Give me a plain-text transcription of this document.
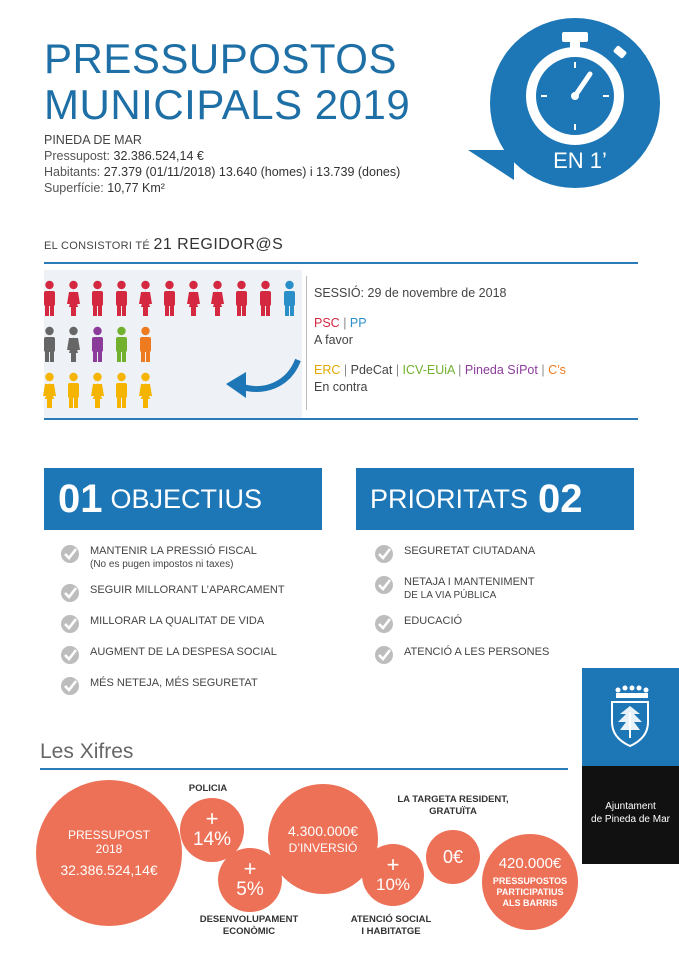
PRESSUPOSTOS
MUNICIPALS 2019
PINEDA DE MAR
Pressupost: 32.386.524,14 €
Habitants: 27.379 (01/11/2018) 13.640 (homes) i 13.739 (dones)
Superfície: 10,77 Km²
EN 1’
EL CONSISTORI TÉ 21 REGIDOR@S
SESSIÓ: 29 de novembre de 2018
PSC | PP
A favor
ERC | PdeCat | ICV-EUiA | Pineda SíPot | C’s
En contra
01 OBJECTIUS	PRIORITATS 02
MANTENIR LA PRESSIÓ FISCAL
(No es pugen impostos ni taxes)
SEGUIR MILLORANT L’APARCAMENT
MILLORAR LA QUALITAT DE VIDA
AUGMENT DE LA DESPESA SOCIAL
MÉS NETEJA, MÉS SEGURETAT
SEGURETAT CIUTADANA
NETAJA I MANTENIMENT
DE LA VIA PÚBLICA
EDUCACIÓ
ATENCIÓ A LES PERSONES
Ajuntament
de Pineda de Mar
Les Xifres
PRESSUPOST
2018
32.386.524,14€
POLICIA
+
14%
+
5%
DESENVOLUPAMENT
ECONÒMIC
4.300.000€
D’INVERSIÓ
+
10%
ATENCIÓ SOCIAL
I HABITATGE
LA TARGETA RESIDENT,
GRATUÏTA
0€ 420.000€
PRESSUPOSTOS
PARTICIPATIUS
ALS BARRIS
